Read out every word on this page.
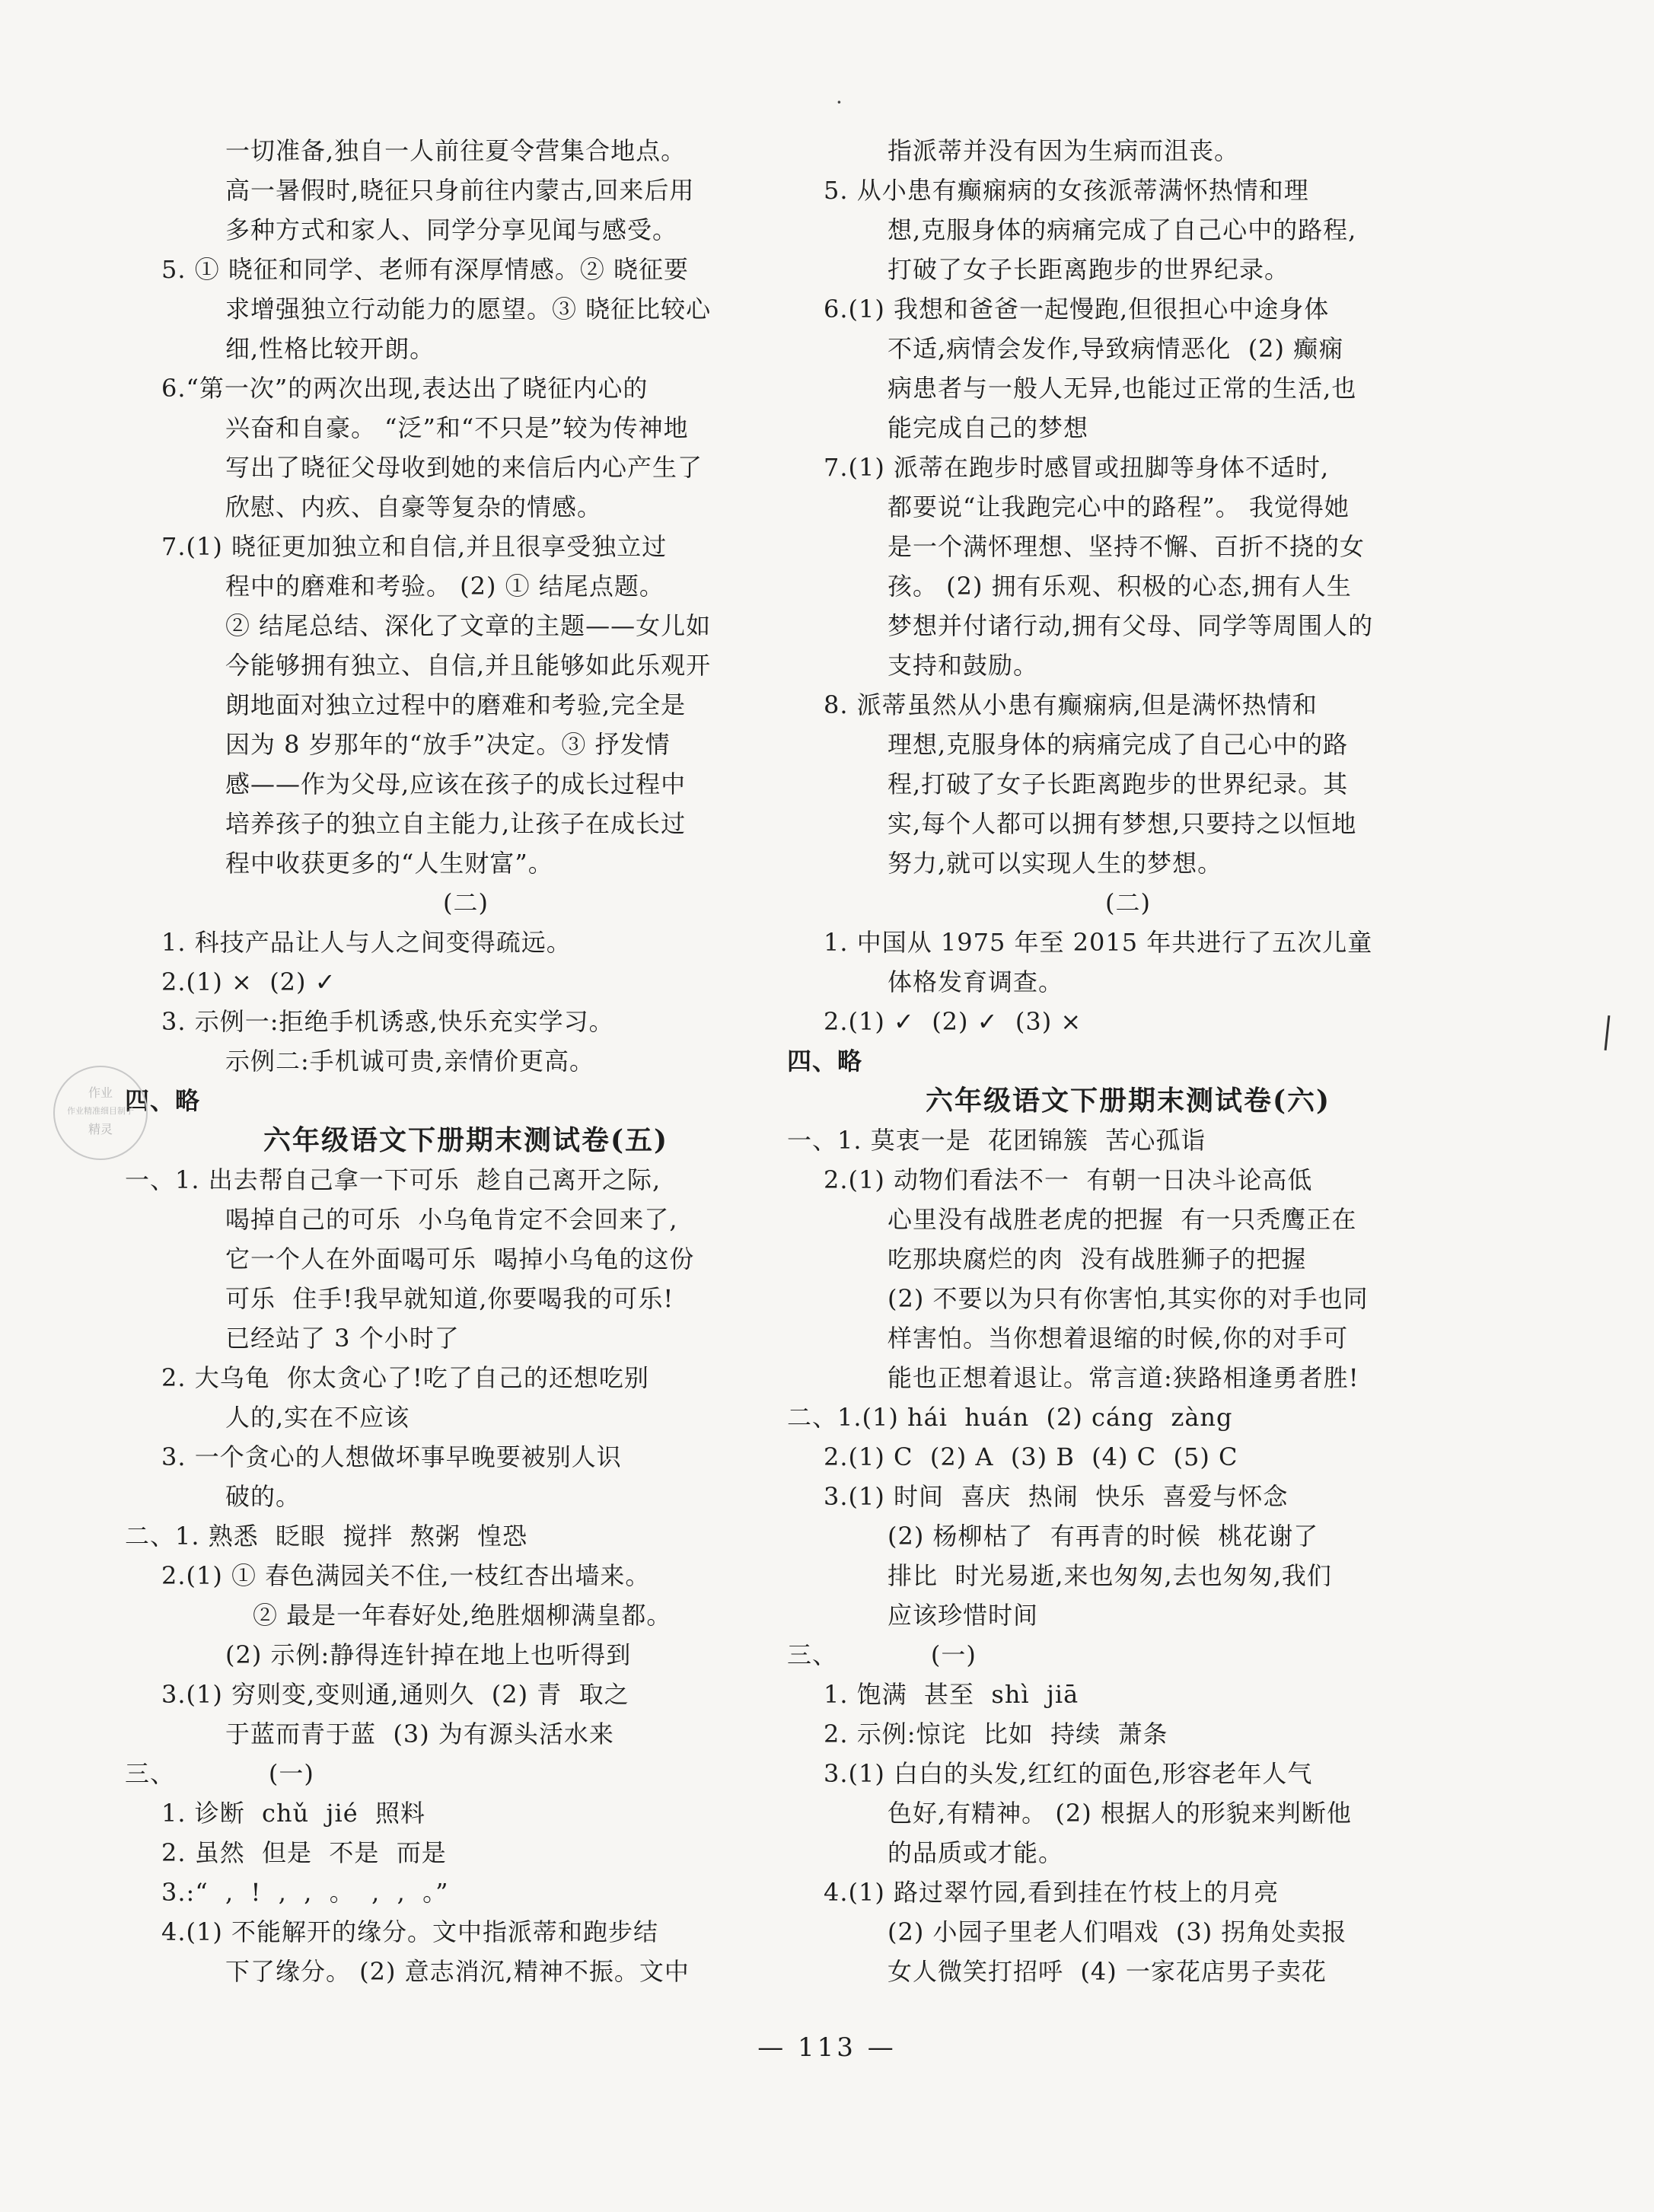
·
一切准备,独自一人前往夏令营集合地点。
高一暑假时,晓征只身前往内蒙古,回来后用
多种方式和家人、同学分享见闻与感受。
5. ① 晓征和同学、老师有深厚情感。② 晓征要
求增强独立行动能力的愿望。③ 晓征比较心
细,性格比较开朗。
6.“第一次”的两次出现,表达出了晓征内心的
兴奋和自豪。 “泛”和“不只是”较为传神地
写出了晓征父母收到她的来信后内心产生了
欣慰、内疚、自豪等复杂的情感。
7.(1) 晓征更加独立和自信,并且很享受独立过
程中的磨难和考验。 (2) ① 结尾点题。
② 结尾总结、深化了文章的主题——女儿如
今能够拥有独立、自信,并且能够如此乐观开
朗地面对独立过程中的磨难和考验,完全是
因为 8 岁那年的“放手”决定。③ 抒发情
感——作为父母,应该在孩子的成长过程中
培养孩子的独立自主能力,让孩子在成长过
程中收获更多的“人生财富”。
(二)
1. 科技产品让人与人之间变得疏远。
2.(1) ×  (2) ✓
3. 示例一:拒绝手机诱惑,快乐充实学习。
示例二:手机诚可贵,亲情价更高。
四、略
六年级语文下册期末测试卷(五)
一、1. 出去帮自己拿一下可乐  趁自己离开之际,
喝掉自己的可乐  小乌龟肯定不会回来了,
它一个人在外面喝可乐  喝掉小乌龟的这份
可乐  住手!我早就知道,你要喝我的可乐!
已经站了 3 个小时了
2. 大乌龟  你太贪心了!吃了自己的还想吃别
人的,实在不应该
3. 一个贪心的人想做坏事早晚要被别人识
破的。
二、1. 熟悉  眨眼  搅拌  熬粥  惶恐
2.(1) ① 春色满园关不住,一枝红杏出墙来。
② 最是一年春好处,绝胜烟柳满皇都。
(2) 示例:静得连针掉在地上也听得到
3.(1) 穷则变,变则通,通则久  (2) 青  取之
于蓝而青于蓝  (3) 为有源头活水来
三、           (一)
1. 诊断  chǔ  jié  照料
2. 虽然  但是  不是  而是
3.:“  ,  !  ,  ,  。  ,  ,  。”
4.(1) 不能解开的缘分。文中指派蒂和跑步结
下了缘分。 (2) 意志消沉,精神不振。文中
指派蒂并没有因为生病而沮丧。
5. 从小患有癫痫病的女孩派蒂满怀热情和理
想,克服身体的病痛完成了自己心中的路程,
打破了女子长距离跑步的世界纪录。
6.(1) 我想和爸爸一起慢跑,但很担心中途身体
不适,病情会发作,导致病情恶化  (2) 癫痫
病患者与一般人无异,也能过正常的生活,也
能完成自己的梦想
7.(1) 派蒂在跑步时感冒或扭脚等身体不适时,
都要说“让我跑完心中的路程”。 我觉得她
是一个满怀理想、坚持不懈、百折不挠的女
孩。 (2) 拥有乐观、积极的心态,拥有人生
梦想并付诸行动,拥有父母、同学等周围人的
支持和鼓励。
8. 派蒂虽然从小患有癫痫病,但是满怀热情和
理想,克服身体的病痛完成了自己心中的路
程,打破了女子长距离跑步的世界纪录。其
实,每个人都可以拥有梦想,只要持之以恒地
努力,就可以实现人生的梦想。
(二)
1. 中国从 1975 年至 2015 年共进行了五次儿童
体格发育调查。
2.(1) ✓  (2) ✓  (3) ×
四、略
六年级语文下册期末测试卷(六)
一、1. 莫衷一是  花团锦簇  苦心孤诣
2.(1) 动物们看法不一  有朝一日决斗论高低
心里没有战胜老虎的把握  有一只秃鹰正在
吃那块腐烂的肉  没有战胜狮子的把握
(2) 不要以为只有你害怕,其实你的对手也同
样害怕。当你想着退缩的时候,你的对手可
能也正想着退让。常言道:狭路相逢勇者胜!
二、1.(1) hái  huán  (2) cáng  zàng
2.(1) C  (2) A  (3) B  (4) C  (5) C
3.(1) 时间  喜庆  热闹  快乐  喜爱与怀念
(2) 杨柳枯了  有再青的时候  桃花谢了
排比  时光易逝,来也匆匆,去也匆匆,我们
应该珍惜时间
三、           (一)
1. 饱满  甚至  shì  jiā
2. 示例:惊诧  比如  持续  萧条
3.(1) 白白的头发,红红的面色,形容老年人气
色好,有精神。 (2) 根据人的形貌来判断他
的品质或才能。
4.(1) 路过翠竹园,看到挂在竹枝上的月亮
(2) 小园子里老人们唱戏  (3) 拐角处卖报
女人微笑打招呼  (4) 一家花店男子卖花
作业
作业精准细目制子
精灵
— 113 —
